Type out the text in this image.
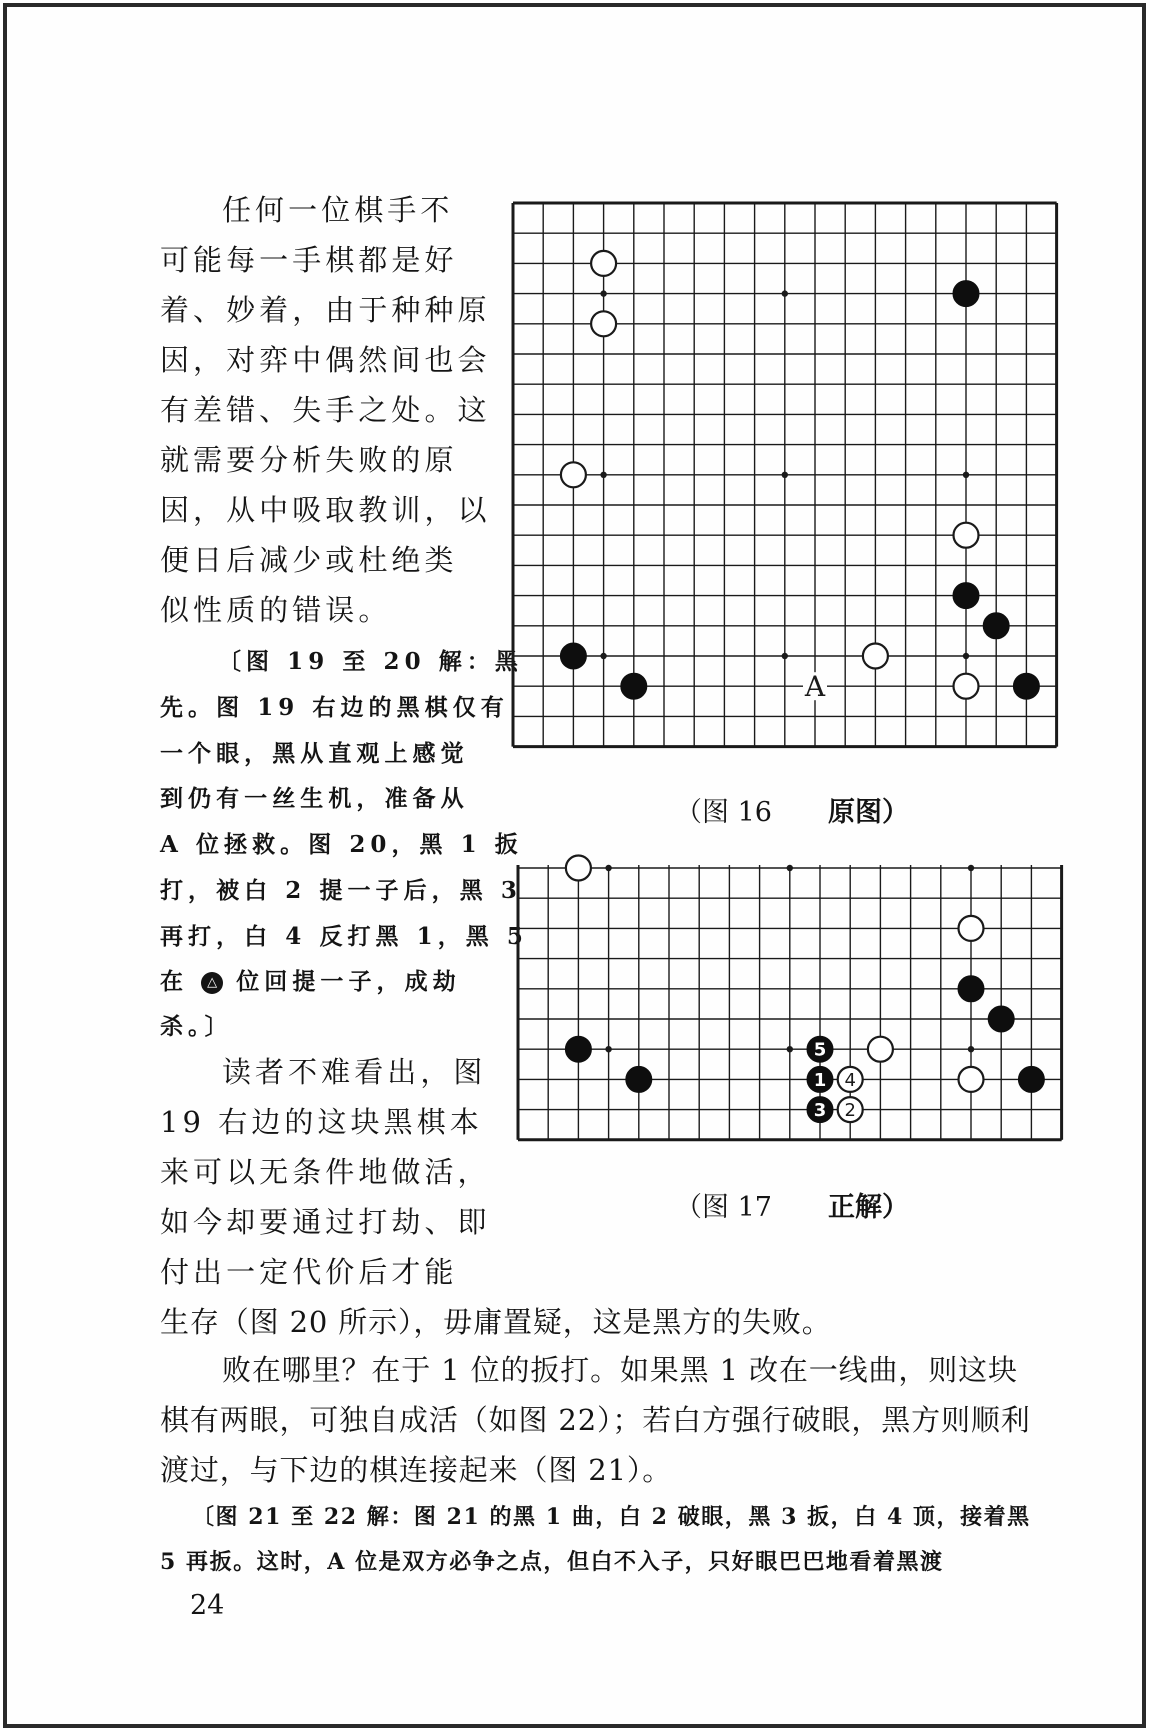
任何一位棋手不
可能每一手棋都是好
着、妙着，由于种种原
因，对弈中偶然间也会
有差错、失手之处。这
就需要分析失败的原
因，从中吸取教训，以
便日后减少或杜绝类
似性质的错误。
〔图 19 至 20 解：黑
先。图 19 右边的黑棋仅有
一个眼，黑从直观上感觉
到仍有一丝生机，准备从
A 位拯救。图 20，黑 1 扳
打，被白 2 提一子后，黑 3
再打，白 4 反打黑 1，黑 5
在 △ 位回提一子，成劫
杀。〕
读者不难看出，图
19 右边的这块黑棋本
来可以无条件地做活，
如今却要通过打劫、即
付出一定代价后才能
生存（图 20 所示），毋庸置疑，这是黑方的失败。
败在哪里？在于 1 位的扳打。如果黑 1 改在一线曲，则这块
棋有两眼，可独自成活（如图 22）；若白方强行破眼，黑方则顺利
渡过，与下边的棋连接起来（图 21）。
〔图 21 至 22 解：图 21 的黑 1 曲，白 2 破眼，黑 3 扳，白 4 顶，接着黑
5 再扳。这时，A 位是双方必争之点，但白不入子，只好眼巴巴地看着黑渡
24
A
（图 16 原图）
5
1 4
3 2
（图 17 正解）
